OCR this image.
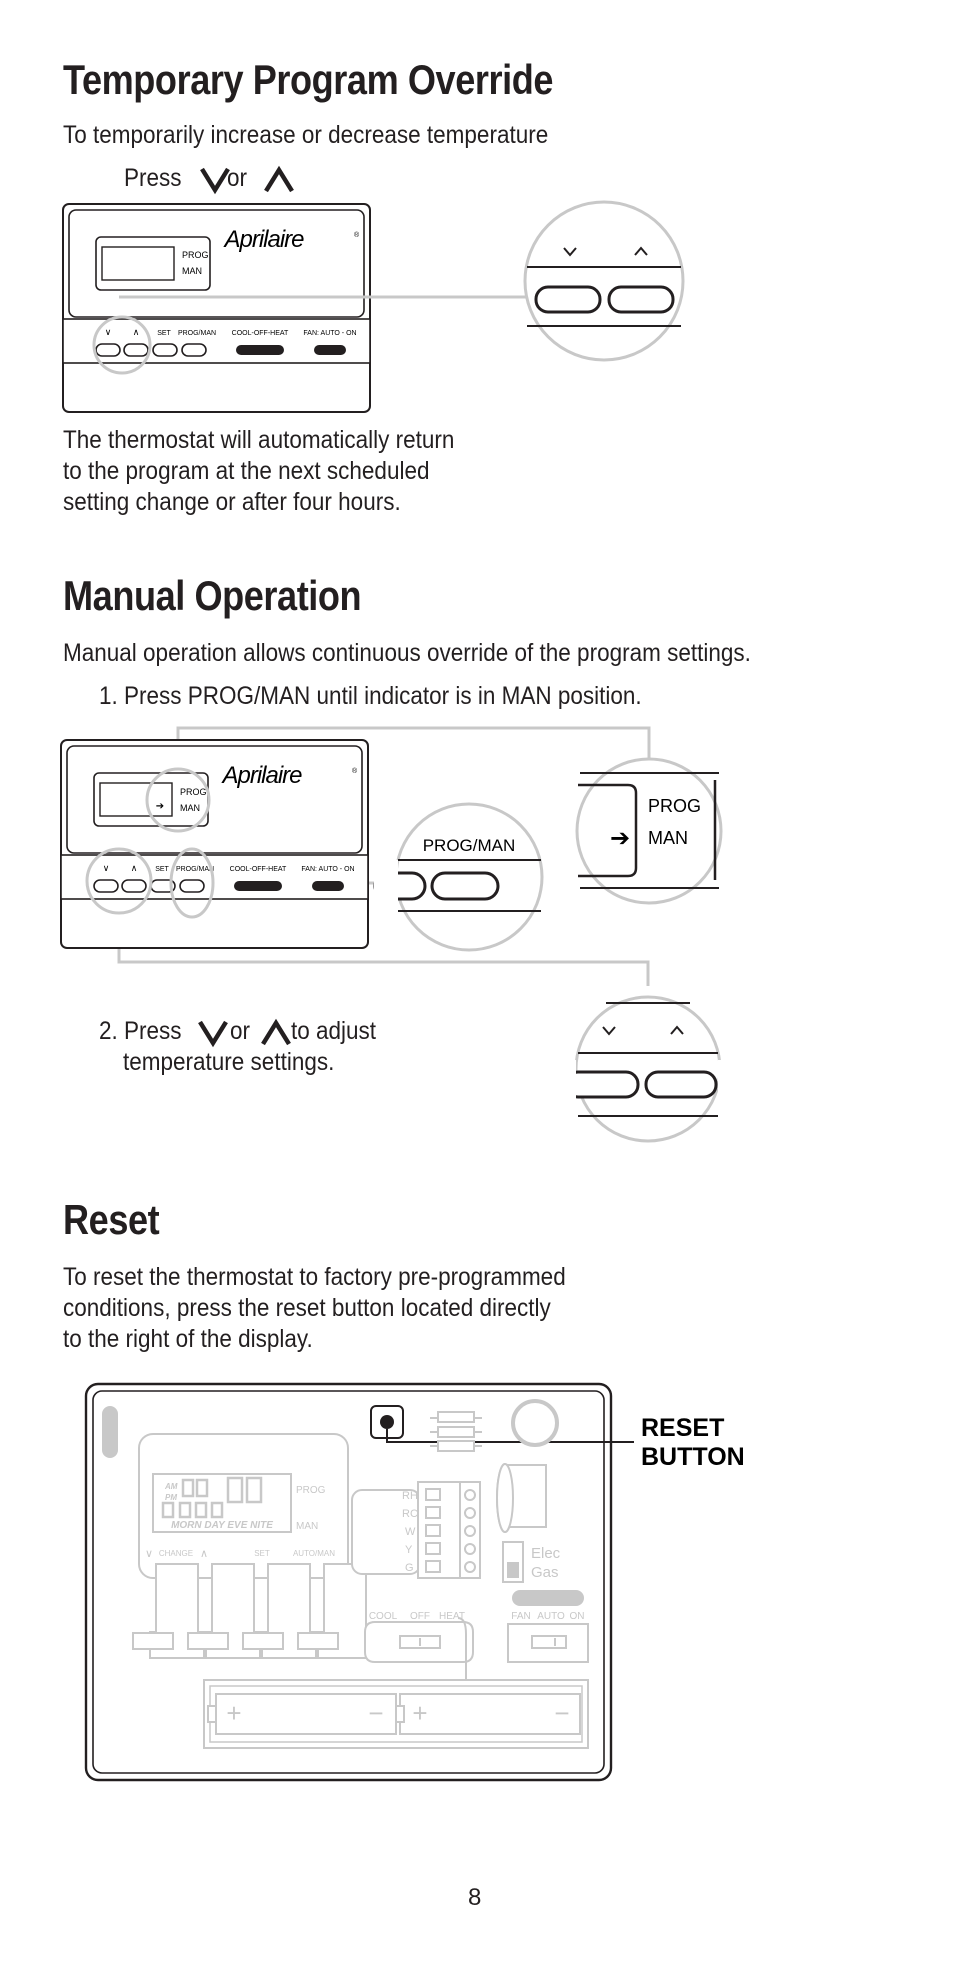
Temporary Program Override
To temporarily increase or decrease temperature
Press or
PROG
MAN
Aprilaire	®
∨ ∧	SET PROG/MAN COOL-OFF-HEAT FAN: AUTO - ON
The thermostat will automatically return
to the program at the next scheduled
setting change or after four hours.
Manual Operation
Manual operation allows continuous override of the program settings.
1. Press PROG/MAN until indicator is in MAN position.
➔
PROG
MAN
Aprilaire	®
∨ ∧	SET PROG/MAN COOL-OFF-HEAT FAN: AUTO - ON
PROG
MAN
➔
PROG/MAN
2. Press or to adjust
temperature settings.
Reset
To reset the thermostat to factory pre-programmed
conditions, press the reset button located directly
to the right of the display.
AM
PM
MORN DAY EVE NITE
PROG
MAN
∨ CHANGE ∧	SET	AUTO/MAN
RESET
BUTTON
RH
RC
W
Y
G
Elec
Gas
COOL OFF HEAT	FAN AUTO ON
+	− +	−
8
